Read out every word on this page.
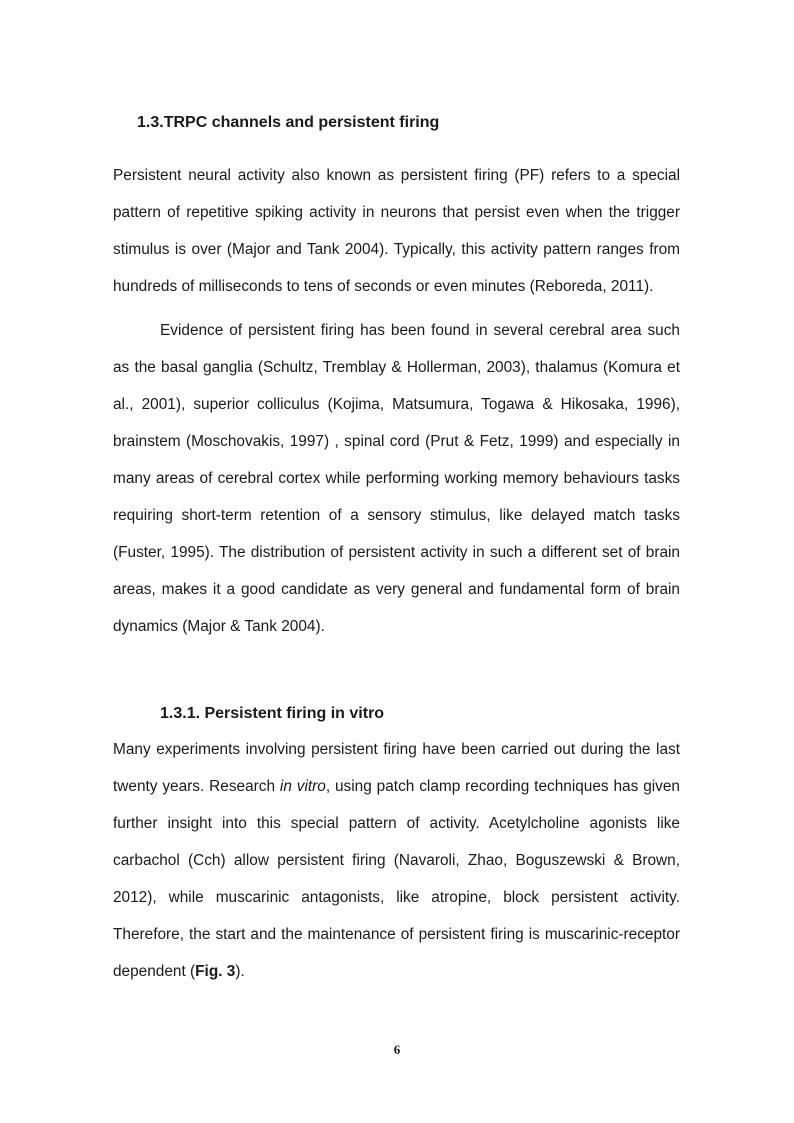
1.3.TRPC channels and persistent firing

Persistent neural activity also known as persistent firing (PF) refers to a special pattern of repetitive spiking activity in neurons that persist even when the trigger stimulus is over (Major and Tank 2004). Typically, this activity pattern ranges from hundreds of milliseconds to tens of seconds or even minutes (Reboreda, 2011).

Evidence of persistent firing has been found in several cerebral area such as the basal ganglia (Schultz, Tremblay & Hollerman, 2003), thalamus (Komura et al., 2001), superior colliculus (Kojima, Matsumura, Togawa & Hikosaka, 1996), brainstem (Moschovakis, 1997) , spinal cord (Prut & Fetz, 1999) and especially in many areas of cerebral cortex while performing working memory behaviours tasks requiring short-term retention of a sensory stimulus, like delayed match tasks (Fuster, 1995). The distribution of persistent activity in such a different set of brain areas, makes it a good candidate as very general and fundamental form of brain dynamics (Major & Tank 2004).

1.3.1. Persistent firing in vitro

Many experiments involving persistent firing have been carried out during the last twenty years. Research in vitro, using patch clamp recording techniques has given further insight into this special pattern of activity. Acetylcholine agonists like carbachol (Cch) allow persistent firing (Navaroli, Zhao, Boguszewski & Brown, 2012), while muscarinic antagonists, like atropine, block persistent activity. Therefore, the start and the maintenance of persistent firing is muscarinic-receptor dependent (Fig. 3).

6
